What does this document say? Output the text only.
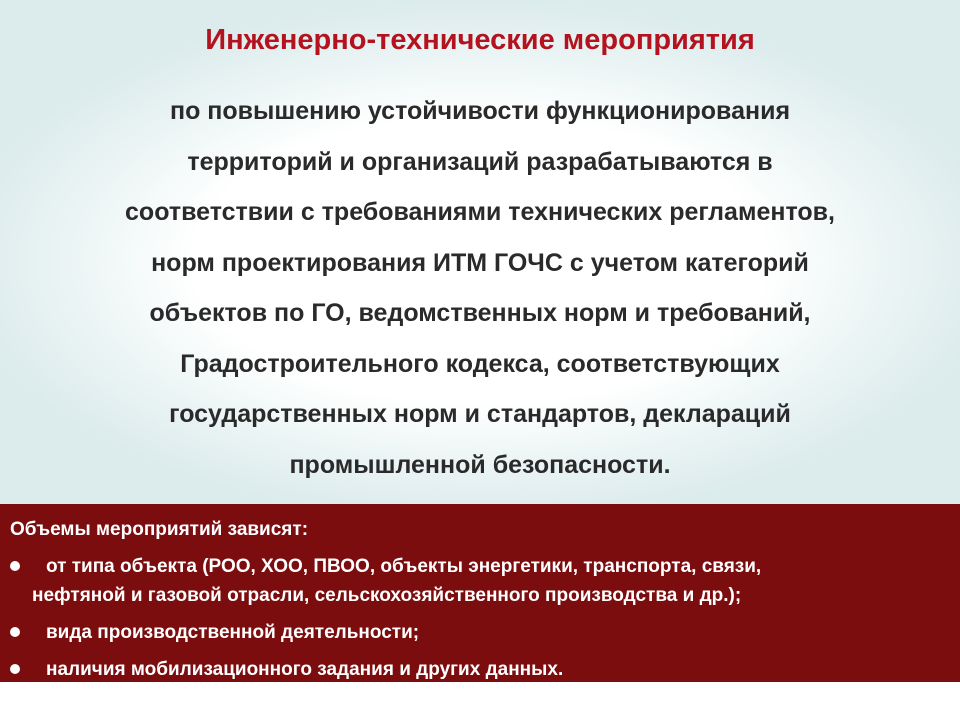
Инженерно-технические мероприятия
по повышению устойчивости функционирования
территорий и организаций разрабатываются в
соответствии с требованиями технических регламентов,
норм проектирования ИТМ ГОЧС с учетом категорий
объектов по ГО, ведомственных норм и требований,
Градостроительного кодекса, соответствующих
государственных норм и стандартов, деклараций
промышленной безопасности.
Объемы мероприятий зависят:
от типа объекта (РОО, ХОО, ПВОО, объекты энергетики, транспорта, связи,
нефтяной и газовой отрасли, сельскохозяйственного производства и др.);
вида производственной деятельности;
наличия мобилизационного задания и других данных.
